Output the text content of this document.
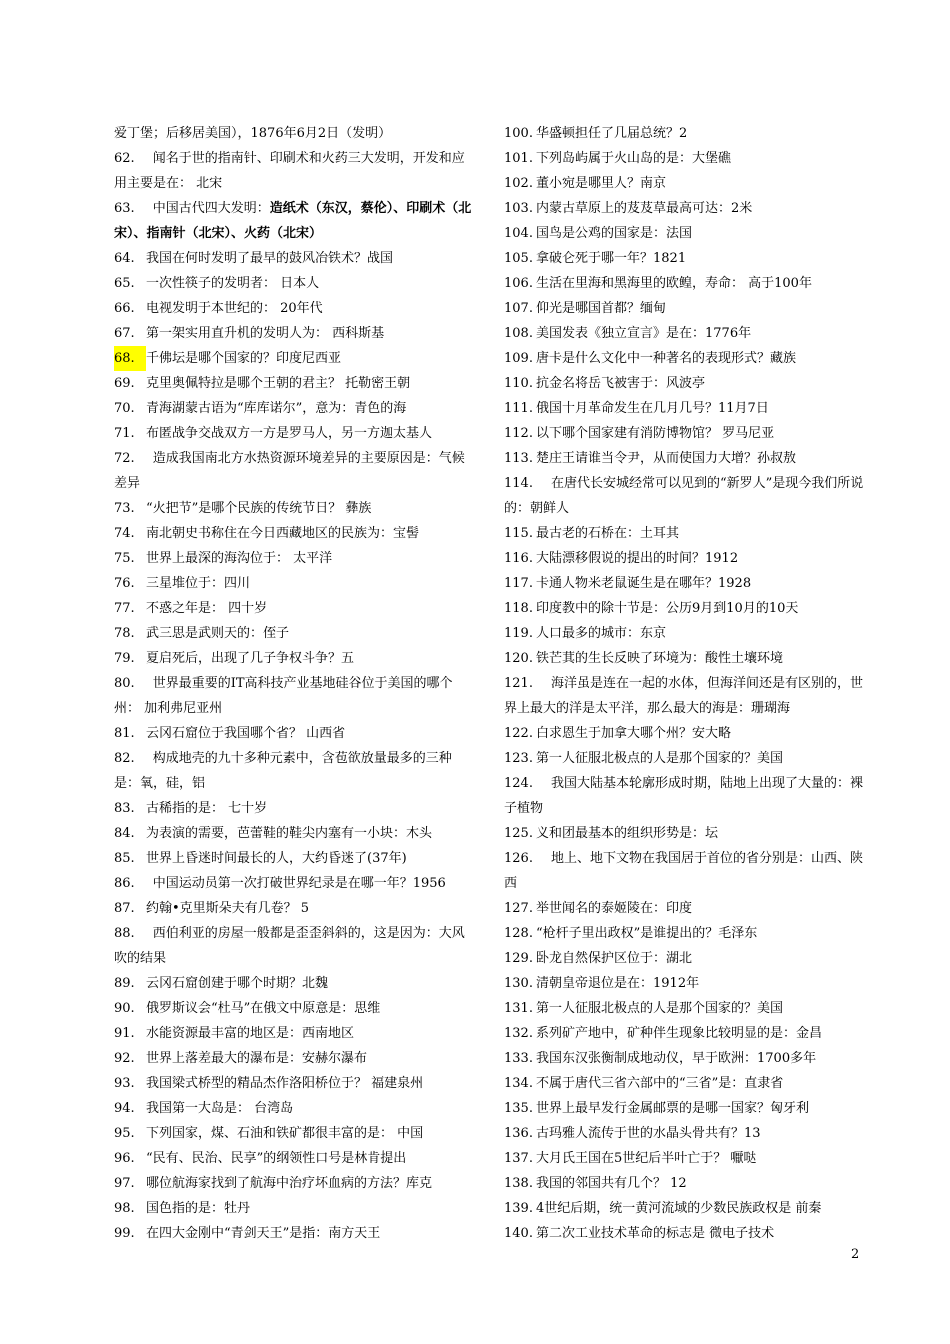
爱丁堡；后移居美国），1876年6月2日（发明）
62. 闻名于世的指南针、印刷术和火药三大发明，开发和应用主要是在： 北宋
63. 中国古代四大发明：造纸术（东汉，蔡伦）、印刷术（北宋）、指南针（北宋）、火药（北宋）
64. 我国在何时发明了最早的鼓风冶铁术？战国
65. 一次性筷子的发明者： 日本人
66. 电视发明于本世纪的： 20年代
67. 第一架实用直升机的发明人为： 西科斯基
68. 千佛坛是哪个国家的？印度尼西亚
69. 克里奥佩特拉是哪个王朝的君主？ 托勒密王朝
70. 青海湖蒙古语为“库库诺尔”，意为：青色的海
71. 布匿战争交战双方一方是罗马人，另一方迦太基人
72. 造成我国南北方水热资源环境差异的主要原因是：气候差异
73. “火把节”是哪个民族的传统节日？ 彝族
74. 南北朝史书称住在今日西藏地区的民族为：宝髻
75. 世界上最深的海沟位于： 太平洋
76. 三星堆位于：四川
77. 不惑之年是： 四十岁
78. 武三思是武则天的：侄子
79. 夏启死后，出现了几子争权斗争？五
80. 世界最重要的IT高科技产业基地硅谷位于美国的哪个州： 加利弗尼亚州
81. 云冈石窟位于我国哪个省？ 山西省
82. 构成地壳的九十多种元素中，含苞欲放量最多的三种是：氧，硅，铝
83. 古稀指的是： 七十岁
84. 为表演的需要，芭蕾鞋的鞋尖内塞有一小块：木头
85. 世界上昏迷时间最长的人，大约昏迷了(37年)
86. 中国运动员第一次打破世界纪录是在哪一年？1956
87. 约翰•克里斯朵夫有几卷？ 5
88. 西伯利亚的房屋一般都是歪歪斜斜的，这是因为：大风吹的结果
89. 云冈石窟创建于哪个时期？北魏
90. 俄罗斯议会“杜马”在俄文中原意是：思维
91. 水能资源最丰富的地区是：西南地区
92. 世界上落差最大的瀑布是：安赫尔瀑布
93. 我国梁式桥型的精品杰作洛阳桥位于？ 福建泉州
94. 我国第一大岛是： 台湾岛
95. 下列国家，煤、石油和铁矿都很丰富的是： 中国
96. “民有、民治、民享”的纲领性口号是林肯提出
97. 哪位航海家找到了航海中治疗坏血病的方法？库克
98. 国色指的是：牡丹
99. 在四大金刚中“青剑天王”是指：南方天王
100. 华盛顿担任了几届总统？2
101. 下列岛屿属于火山岛的是：大堡礁
102. 董小宛是哪里人？南京
103. 内蒙古草原上的芨芨草最高可达：2米
104. 国鸟是公鸡的国家是：法国
105. 拿破仑死于哪一年？1821
106. 生活在里海和黑海里的欧鳇，寿命： 高于100年
107. 仰光是哪国首都？缅甸
108. 美国发表《独立宣言》是在：1776年
109. 唐卡是什么文化中一种著名的表现形式？藏族
110. 抗金名将岳飞被害于：风波亭
111. 俄国十月革命发生在几月几号？11月7日
112. 以下哪个国家建有消防博物馆？ 罗马尼亚
113. 楚庄王请谁当令尹，从而使国力大增？孙叔敖
114. 在唐代长安城经常可以见到的“新罗人”是现今我们所说的：朝鲜人
115. 最古老的石桥在：土耳其
116. 大陆漂移假说的提出的时间？1912
117. 卡通人物米老鼠诞生是在哪年？1928
118. 印度教中的除十节是：公历9月到10月的10天
119. 人口最多的城市：东京
120. 铁芒萁的生长反映了环境为：酸性土壤环境
121. 海洋虽是连在一起的水体，但海洋间还是有区别的，世界上最大的洋是太平洋，那么最大的海是：珊瑚海
122. 白求恩生于加拿大哪个州？安大略
123. 第一人征服北极点的人是那个国家的？美国
124. 我国大陆基本轮廓形成时期，陆地上出现了大量的：裸子植物
125. 义和团最基本的组织形势是：坛
126. 地上、地下文物在我国居于首位的省分别是：山西、陕西
127. 举世闻名的泰姬陵在：印度
128. “枪杆子里出政权”是谁提出的？毛泽东
129. 卧龙自然保护区位于：湖北
130. 清朝皇帝退位是在：1912年
131. 第一人征服北极点的人是那个国家的？美国
132. 系列矿产地中，矿种伴生现象比较明显的是：金昌
133. 我国东汉张衡制成地动仪，早于欧洲：1700多年
134. 不属于唐代三省六部中的“三省”是：直隶省
135. 世界上最早发行金属邮票的是哪一国家？匈牙利
136. 古玛雅人流传于世的水晶头骨共有？13
137. 大月氏王国在5世纪后半叶亡于？ 嚈哒
138. 我国的邻国共有几个？ 12
139. 4世纪后期，统一黄河流域的少数民族政权是 前秦
140. 第二次工业技术革命的标志是 微电子技术
2
